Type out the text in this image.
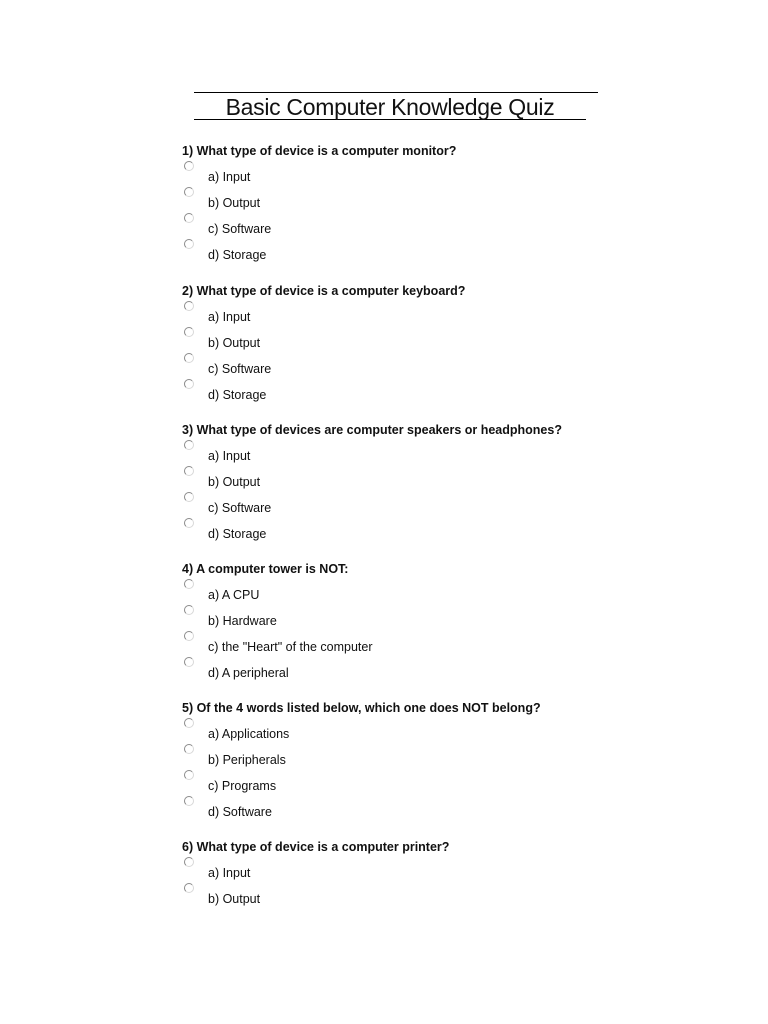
Basic Computer Knowledge Quiz
1) What type of device is a computer monitor?
a) Input
b) Output
c) Software
d) Storage
2) What type of device is a computer keyboard?
a) Input
b) Output
c) Software
d) Storage
3) What type of devices are computer speakers or headphones?
a) Input
b) Output
c) Software
d) Storage
4) A computer tower is NOT:
a) A CPU
b) Hardware
c) the "Heart" of the computer
d) A peripheral
5) Of the 4 words listed below, which one does NOT belong?
a) Applications
b) Peripherals
c) Programs
d) Software
6) What type of device is a computer printer?
a) Input
b) Output
